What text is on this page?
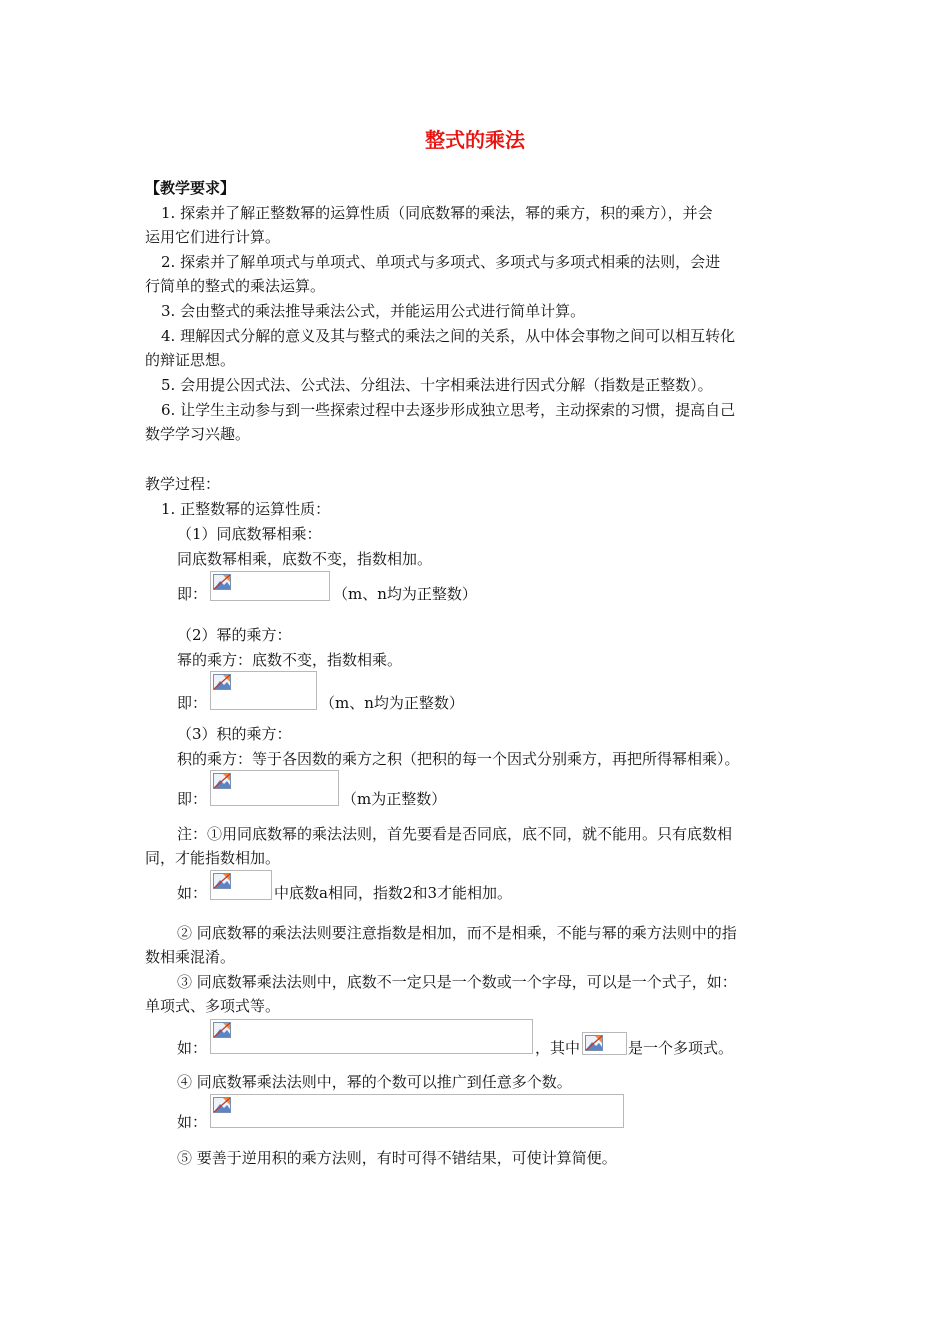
整式的乘法
【教学要求】
1. 探索并了解正整数幂的运算性质（同底数幂的乘法，幂的乘方，积的乘方），并会
运用它们进行计算。
2. 探索并了解单项式与单项式、单项式与多项式、多项式与多项式相乘的法则，会进
行简单的整式的乘法运算。
3. 会由整式的乘法推导乘法公式，并能运用公式进行简单计算。
4. 理解因式分解的意义及其与整式的乘法之间的关系，从中体会事物之间可以相互转化
的辩证思想。
5. 会用提公因式法、公式法、分组法、十字相乘法进行因式分解（指数是正整数）。
6. 让学生主动参与到一些探索过程中去逐步形成独立思考，主动探索的习惯，提高自己
数学学习兴趣。
教学过程：
1. 正整数幂的运算性质：
（1）同底数幂相乘：
同底数幂相乘，底数不变，指数相加。
即：	（m、n均为正整数）
（2）幂的乘方：
幂的乘方：底数不变，指数相乘。
即：	（m、n均为正整数）
（3）积的乘方：
积的乘方：等于各因数的乘方之积（把积的每一个因式分别乘方，再把所得幂相乘）。
即：	（m为正整数）
注：①用同底数幂的乘法法则，首先要看是否同底，底不同，就不能用。只有底数相
同，才能指数相加。
如：	中底数a相同，指数2和3才能相加。
② 同底数幂的乘法法则要注意指数是相加，而不是相乘，不能与幂的乘方法则中的指
数相乘混淆。
③ 同底数幂乘法法则中，底数不一定只是一个数或一个字母，可以是一个式子，如：
单项式、多项式等。
如：	，其中	是一个多项式。
④ 同底数幂乘法法则中，幂的个数可以推广到任意多个数。
如：
⑤ 要善于逆用积的乘方法则，有时可得不错结果，可使计算简便。
